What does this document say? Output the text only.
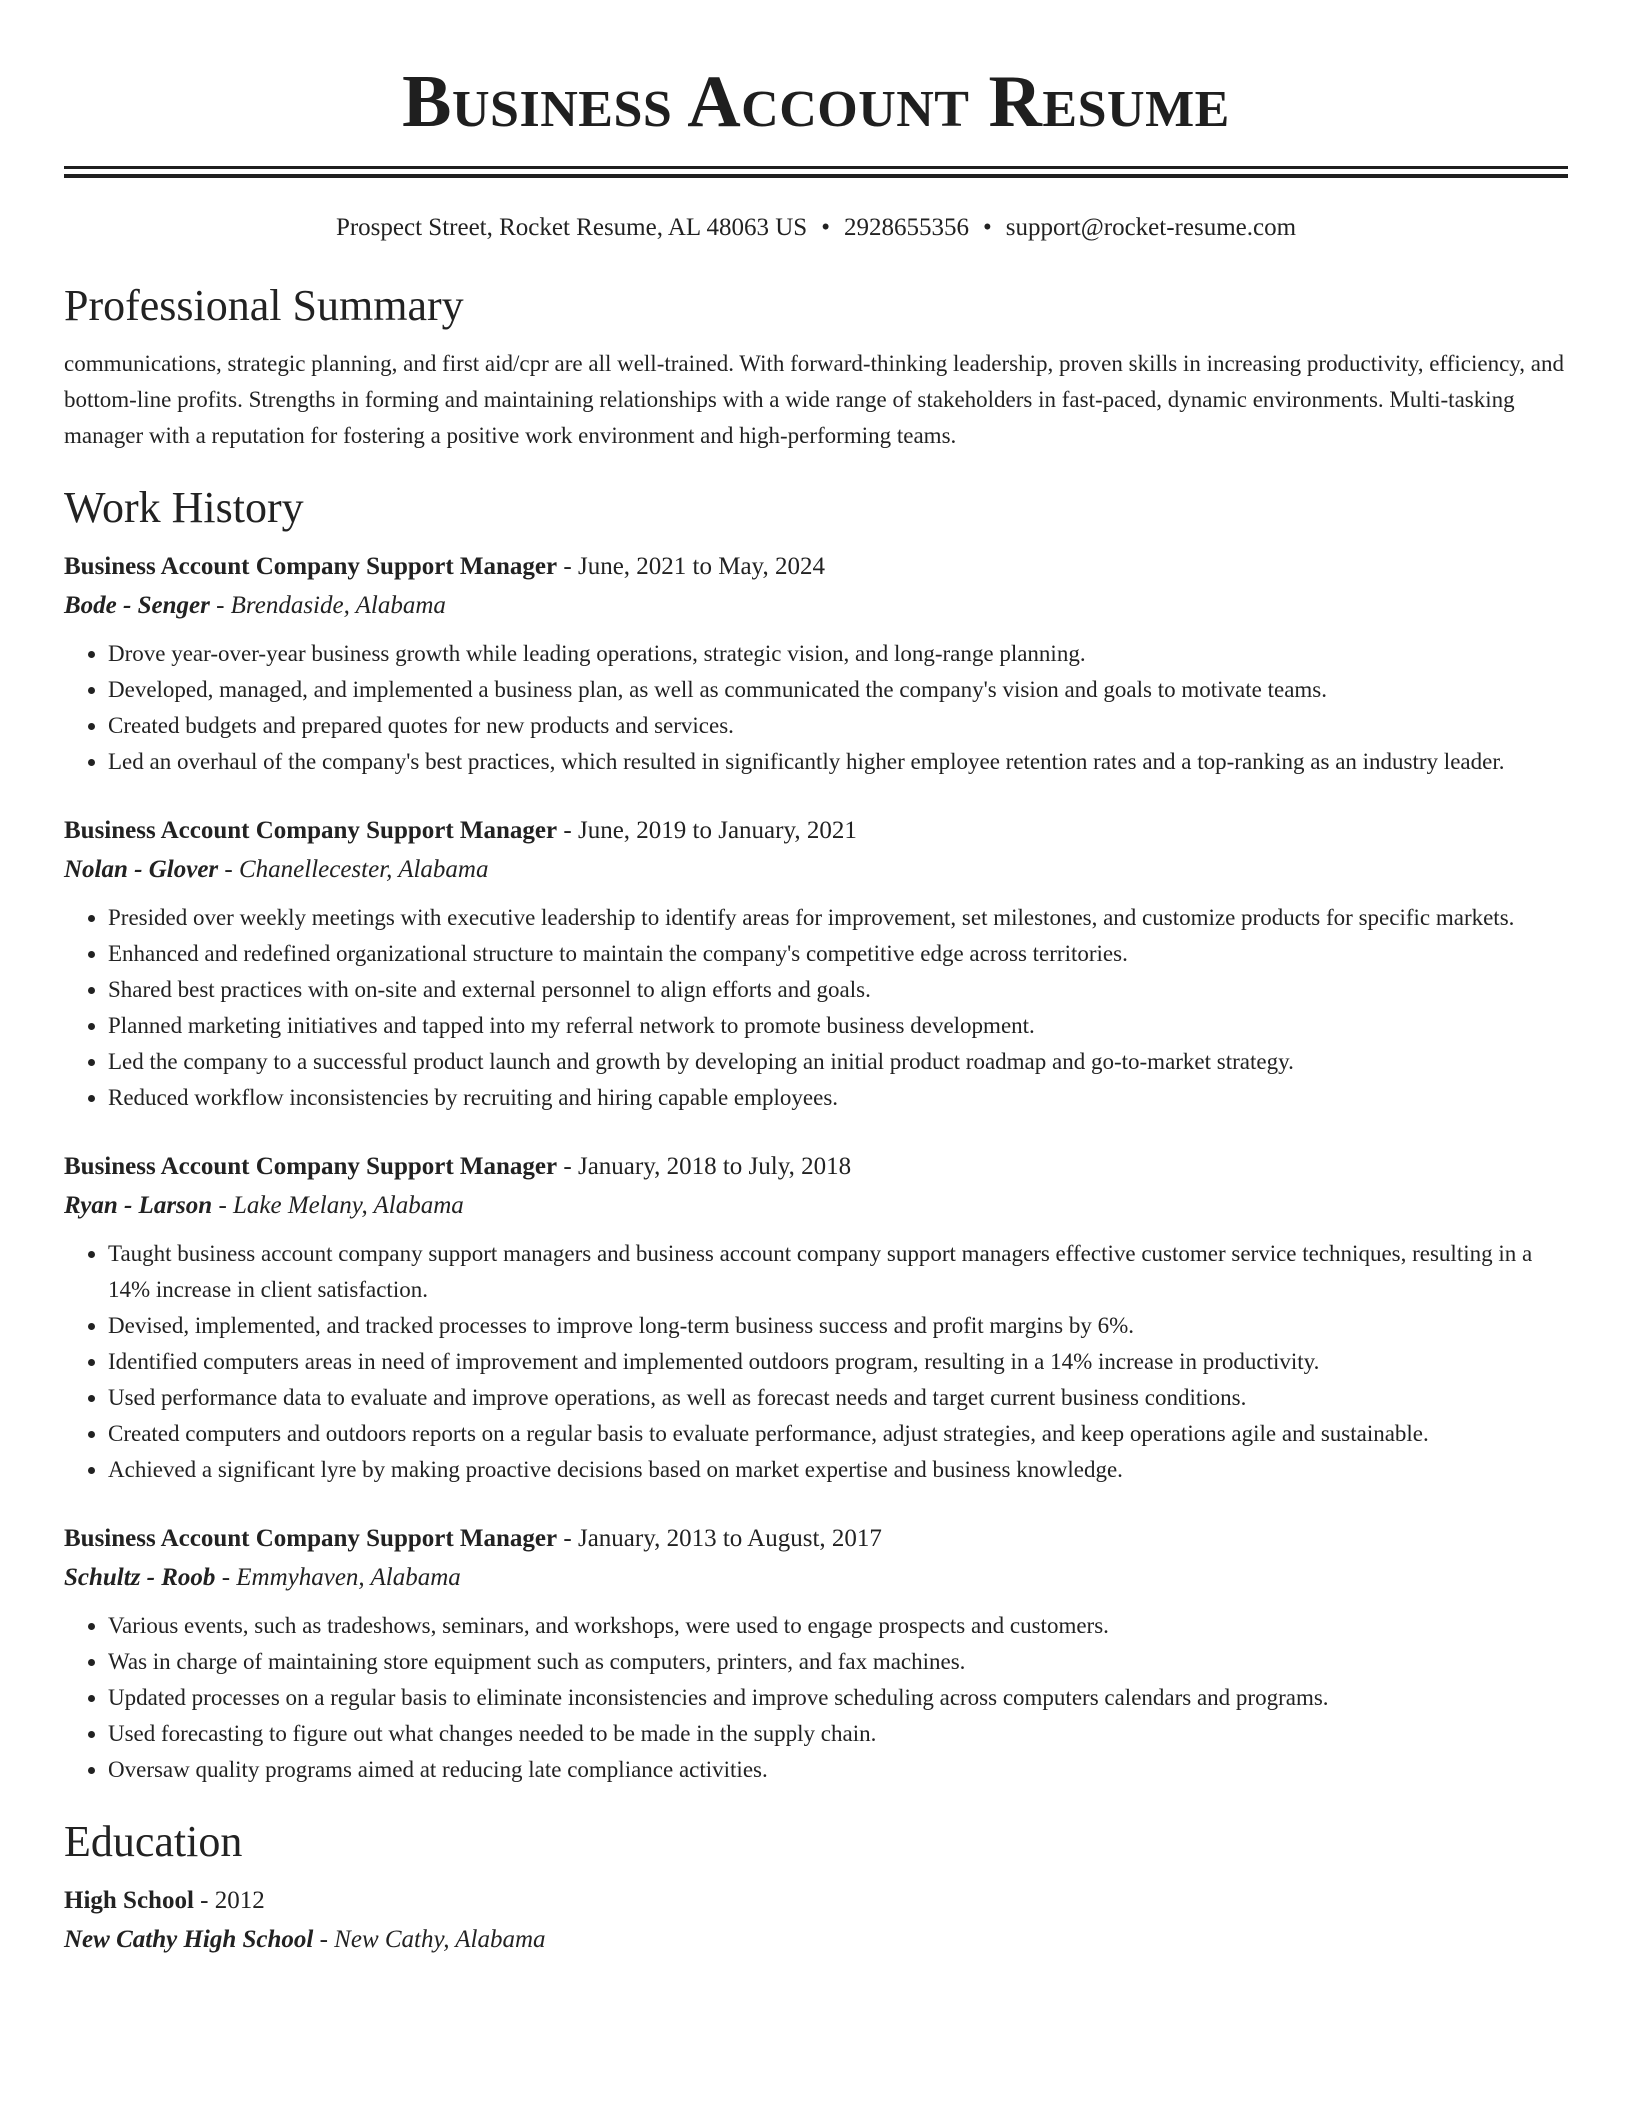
Business Account Resume
Prospect Street, Rocket Resume, AL 48063 US • 2928655356 • support@rocket-resume.com
Professional Summary

communications, strategic planning, and first aid/cpr are all well-trained. With forward-thinking leadership, proven skills in increasing productivity, efficiency, and bottom-line profits. Strengths in forming and maintaining relationships with a wide range of stakeholders in fast-paced, dynamic environments. Multi-tasking manager with a reputation for fostering a positive work environment and high-performing teams.

Work History
Business Account Company Support Manager - June, 2021 to May, 2024
Bode - Senger - Brendaside, Alabama
• Drove year-over-year business growth while leading operations, strategic vision, and long-range planning.
• Developed, managed, and implemented a business plan, as well as communicated the company's vision and goals to motivate teams.
• Created budgets and prepared quotes for new products and services.
• Led an overhaul of the company's best practices, which resulted in significantly higher employee retention rates and a top-ranking as an industry leader.
Business Account Company Support Manager - June, 2019 to January, 2021
Nolan - Glover - Chanellecester, Alabama
• Presided over weekly meetings with executive leadership to identify areas for improvement, set milestones, and customize products for specific markets.
• Enhanced and redefined organizational structure to maintain the company's competitive edge across territories.
• Shared best practices with on-site and external personnel to align efforts and goals.
• Planned marketing initiatives and tapped into my referral network to promote business development.
• Led the company to a successful product launch and growth by developing an initial product roadmap and go-to-market strategy.
• Reduced workflow inconsistencies by recruiting and hiring capable employees.
Business Account Company Support Manager - January, 2018 to July, 2018
Ryan - Larson - Lake Melany, Alabama
• Taught business account company support managers and business account company support managers effective customer service techniques, resulting in a 14% increase in client satisfaction.
• Devised, implemented, and tracked processes to improve long-term business success and profit margins by 6%.
• Identified computers areas in need of improvement and implemented outdoors program, resulting in a 14% increase in productivity.
• Used performance data to evaluate and improve operations, as well as forecast needs and target current business conditions.
• Created computers and outdoors reports on a regular basis to evaluate performance, adjust strategies, and keep operations agile and sustainable.
• Achieved a significant lyre by making proactive decisions based on market expertise and business knowledge.
Business Account Company Support Manager - January, 2013 to August, 2017
Schultz - Roob - Emmyhaven, Alabama
• Various events, such as tradeshows, seminars, and workshops, were used to engage prospects and customers.
• Was in charge of maintaining store equipment such as computers, printers, and fax machines.
• Updated processes on a regular basis to eliminate inconsistencies and improve scheduling across computers calendars and programs.
• Used forecasting to figure out what changes needed to be made in the supply chain.
• Oversaw quality programs aimed at reducing late compliance activities.
Education
High School - 2012
New Cathy High School - New Cathy, Alabama
